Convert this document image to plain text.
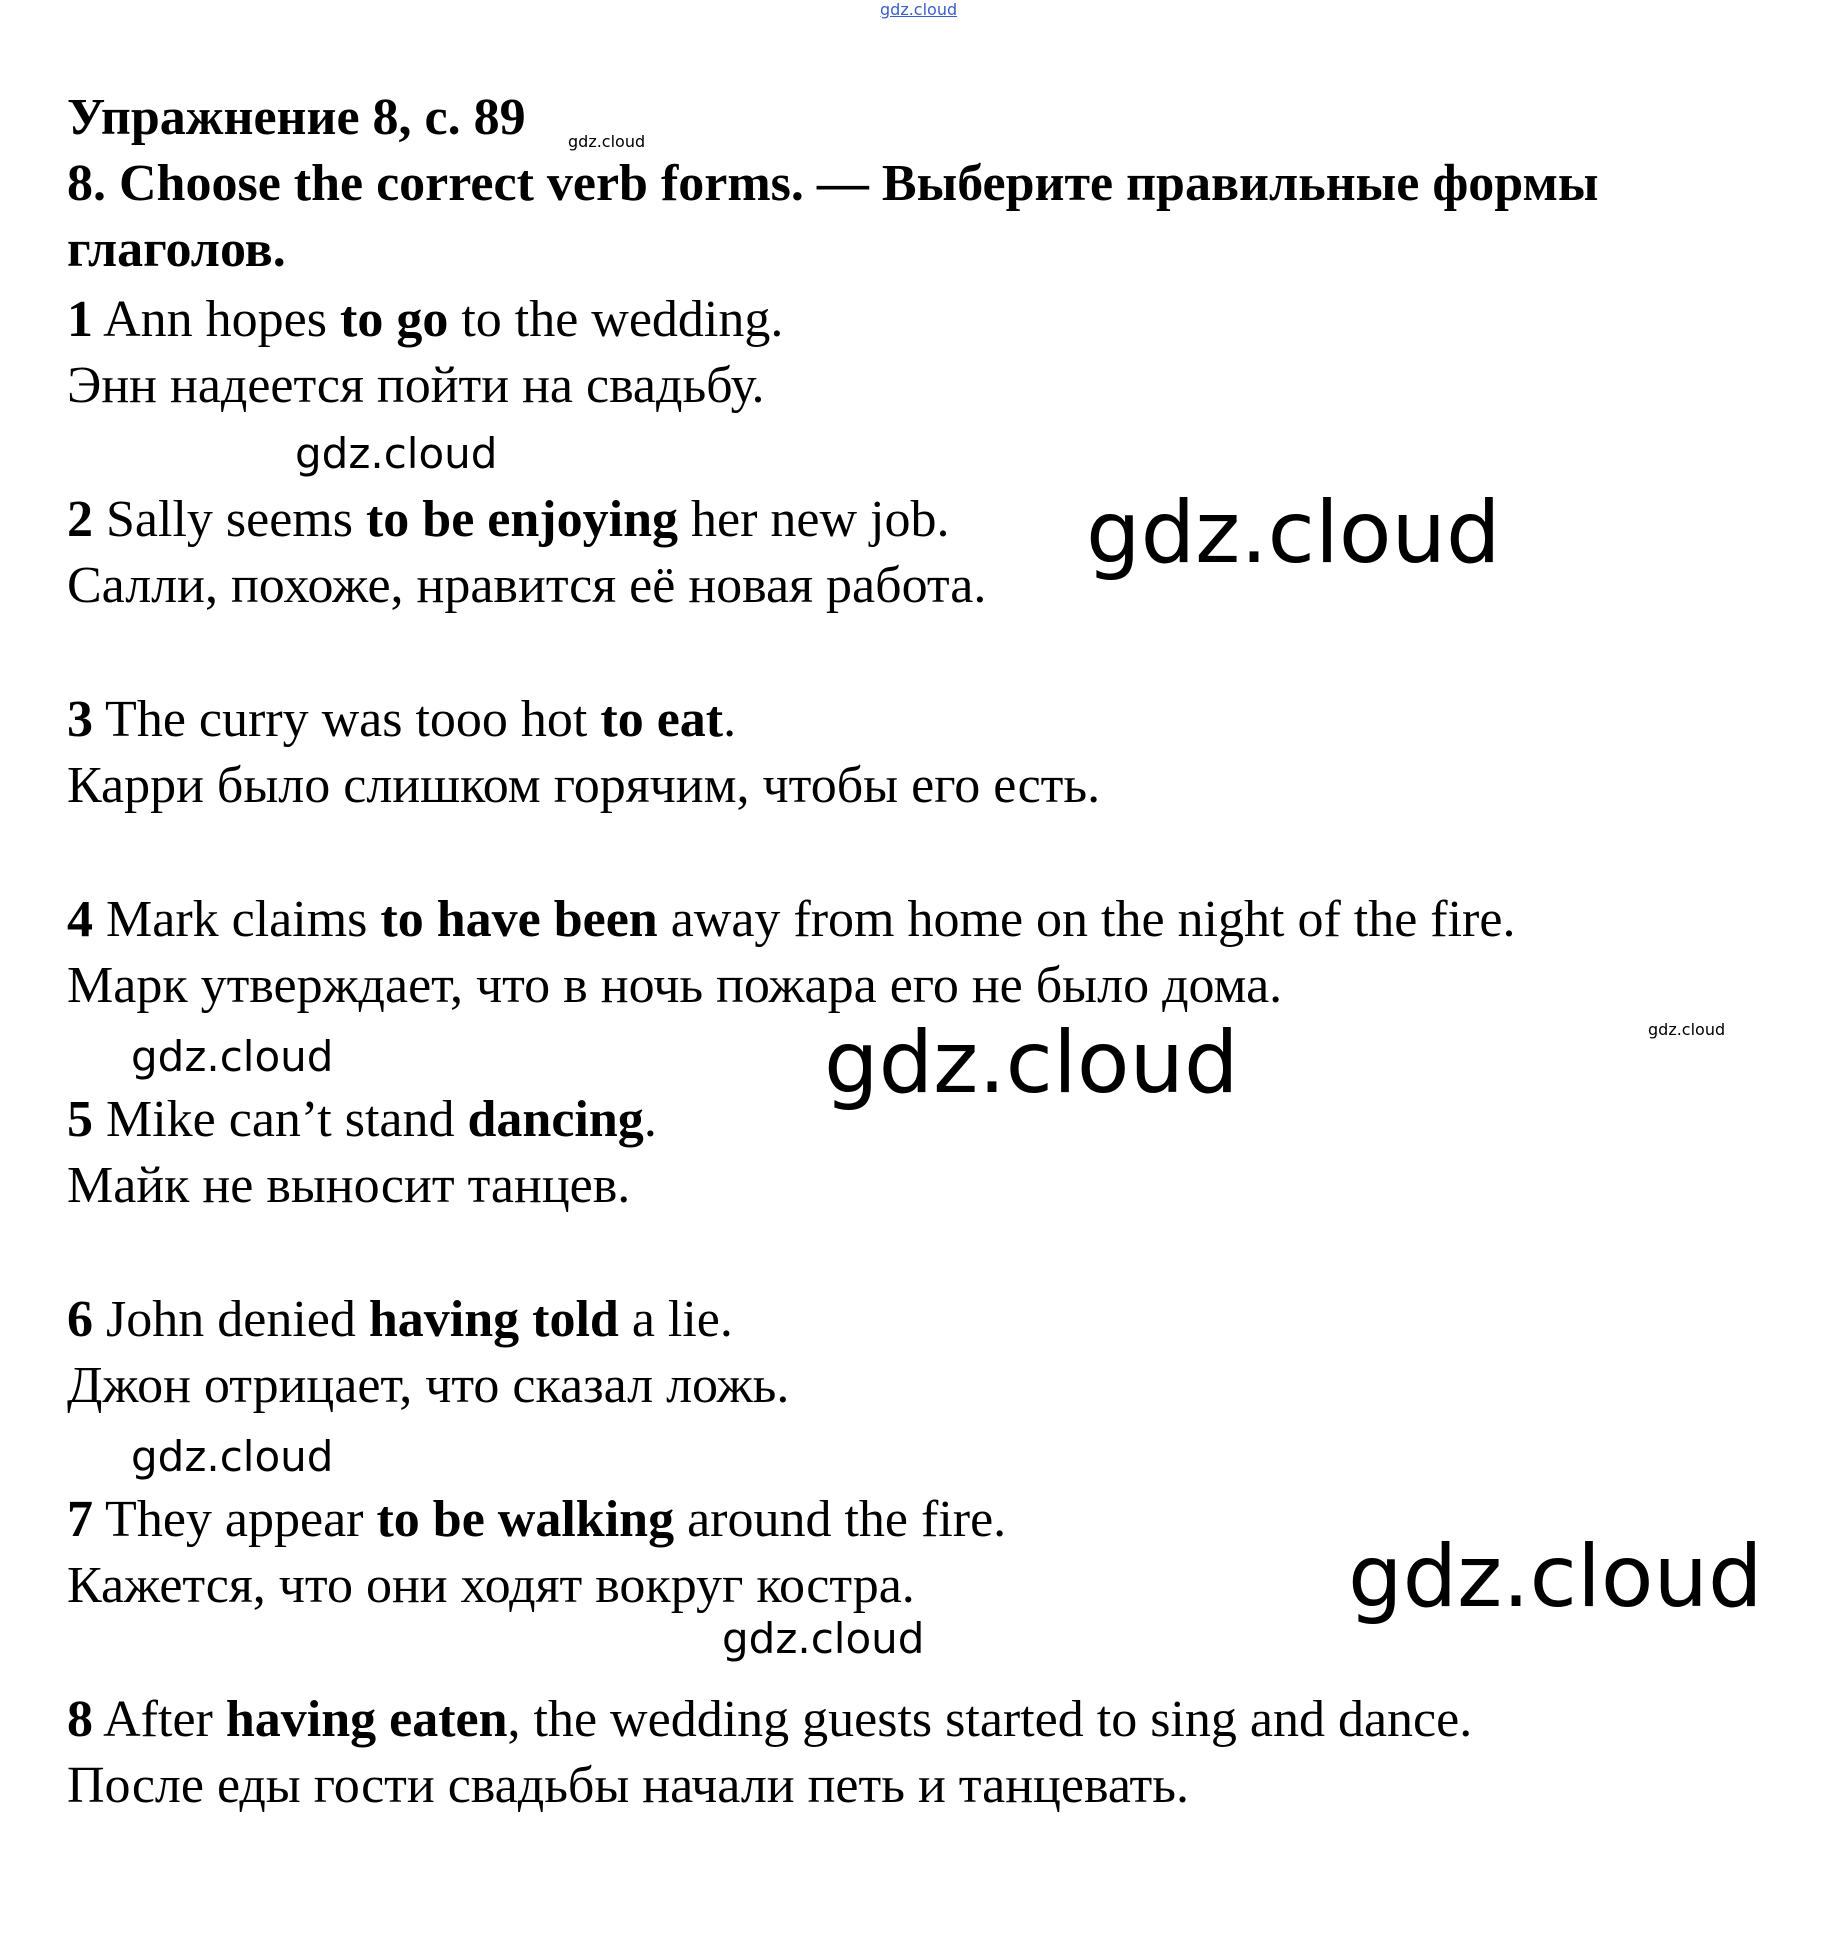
gdz.cloud
gdz.cloud
gdz.cloud
gdz.cloud
gdz.cloud
gdz.cloud	gdz.cloud
gdz.cloud
gdz.cloud
gdz.cloud
Упражнение 8, с. 89
8. Choose the correct verb forms. — Выберите правильные формы
глаголов.
1 Ann hopes to go to the wedding.
Энн надеется пойти на свадьбу.
2 Sally seems to be enjoying her new job.
Салли, похоже, нравится её новая работа.
3 The curry was tooo hot to eat.
Карри было слишком горячим, чтобы его есть.
4 Mark claims to have been away from home on the night of the fire.
Марк утверждает, что в ночь пожара его не было дома.
5 Mike can’t stand dancing.
Майк не выносит танцев.
6 John denied having told a lie.
Джон отрицает, что сказал ложь.
7 They appear to be walking around the fire.
Кажется, что они ходят вокруг костра.
8 After having eaten, the wedding guests started to sing and dance.
После еды гости свадьбы начали петь и танцевать.
